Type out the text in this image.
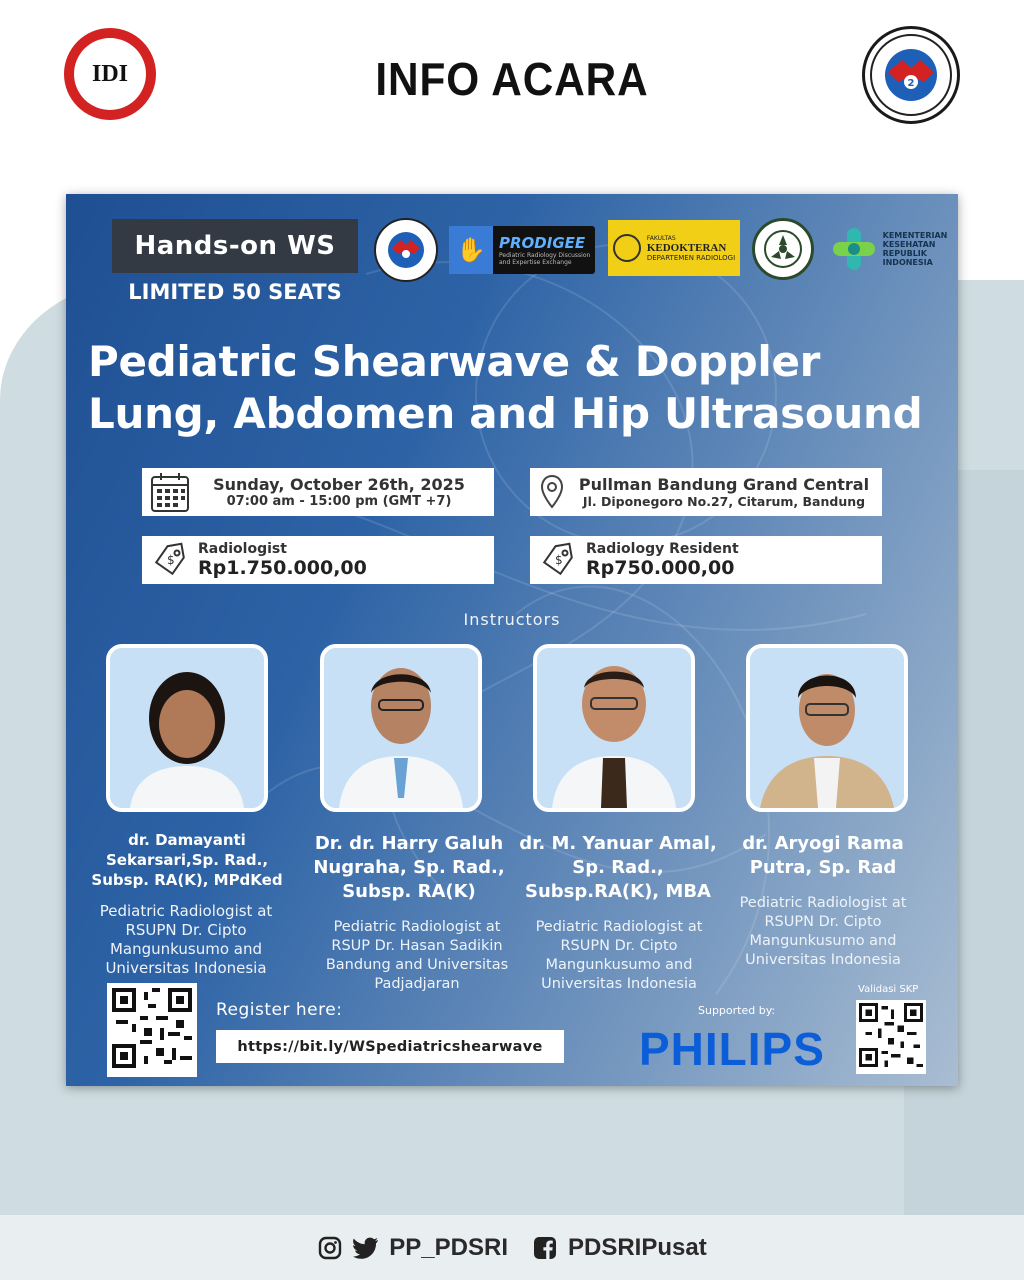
IDI	INFO ACARA	2
Hands-on WS
LIMITED 50 SEATS
✋ PRODIGEE
Pediatric Radiology Discussion and Expertise Exchange
FAKULTAS
KEDOKTERAN
DEPARTEMEN RADIOLOGI
KEMENTERIAN
KESEHATAN
REPUBLIK
INDONESIA
Pediatric Shearwave & Doppler
Lung, Abdomen and Hip Ultrasound
Sunday, October 26th, 2025
07:00 am - 15:00 pm (GMT +7)
Pullman Bandung Grand Central
Jl. Diponegoro No.27, Citarum, Bandung
$
Radiologist
Rp1.750.000,00	$
Radiology Resident
Rp750.000,00
Instructors
dr. Damayanti Sekarsari,Sp. Rad., Subsp. RA(K), MPdKed
Pediatric Radiologist at RSUPN Dr. Cipto Mangunkusumo and Universitas Indonesia
Dr. dr. Harry Galuh Nugraha, Sp. Rad., Subsp. RA(K)
Pediatric Radiologist at RSUP Dr. Hasan Sadikin Bandung and Universitas Padjadjaran
dr. M. Yanuar Amal, Sp. Rad., Subsp.RA(K), MBA
Pediatric Radiologist at RSUPN Dr. Cipto Mangunkusumo and Universitas Indonesia
dr. Aryogi Rama Putra, Sp. Rad
Pediatric Radiologist at RSUPN Dr. Cipto Mangunkusumo and Universitas Indonesia
Register here:
https://bit.ly/WSpediatricshearwave
Supported by:
PHILIPS
Validasi SKP
PP_PDSRI	PDSRIPusat
